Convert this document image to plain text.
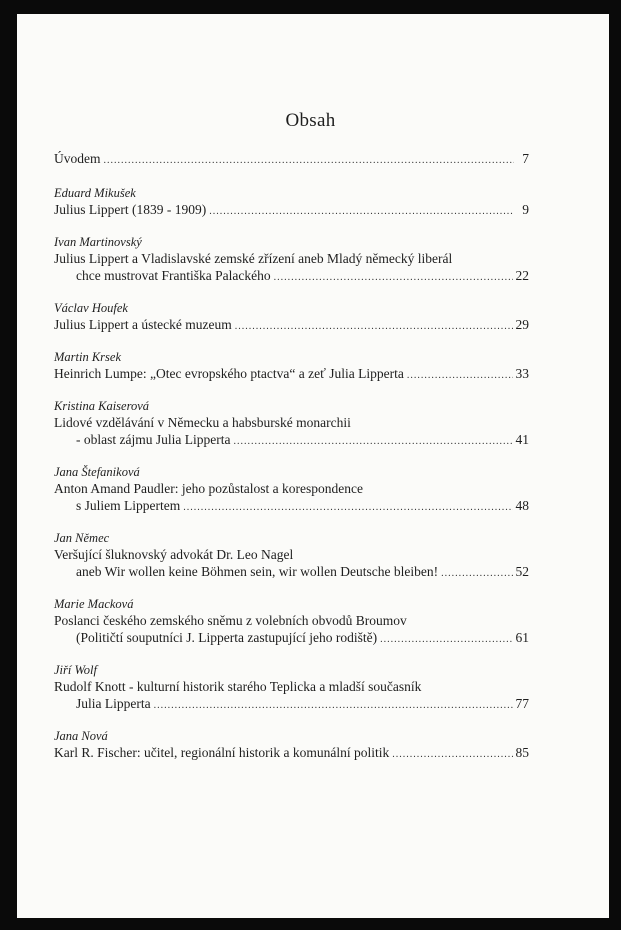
Obsah
Úvodem .....	7
Eduard Mikušek
Julius Lippert (1839 - 1909) .....	9
Ivan Martinovský
Julius Lippert a Vladislavské zemské zřízení aneb Mladý německý liberál
chce mustrovat Františka Palackého .....	22
Václav Houfek
Julius Lippert a ústecké muzeum .....	29
Martin Krsek
Heinrich Lumpe: „Otec evropského ptactva“ a zeť Julia Lipperta .....	33
Kristina Kaiserová
Lidové vzdělávání v Německu a habsburské monarchii
- oblast zájmu Julia Lipperta .....	41
Jana Štefaniková
Anton Amand Paudler: jeho pozůstalost a korespondence
s Juliem Lippertem .....	48
Jan Němec
Veršující šluknovský advokát Dr. Leo Nagel
aneb Wir wollen keine Böhmen sein, wir wollen Deutsche bleiben! .....	52
Marie Macková
Poslanci českého zemského sněmu z volebních obvodů Broumov
(Političtí souputníci J. Lipperta zastupující jeho rodiště) .....	61
Jiří Wolf
Rudolf Knott - kulturní historik starého Teplicka a mladší současník
Julia Lipperta .....	77
Jana Nová
Karl R. Fischer: učitel, regionální historik a komunální politik .....	85
